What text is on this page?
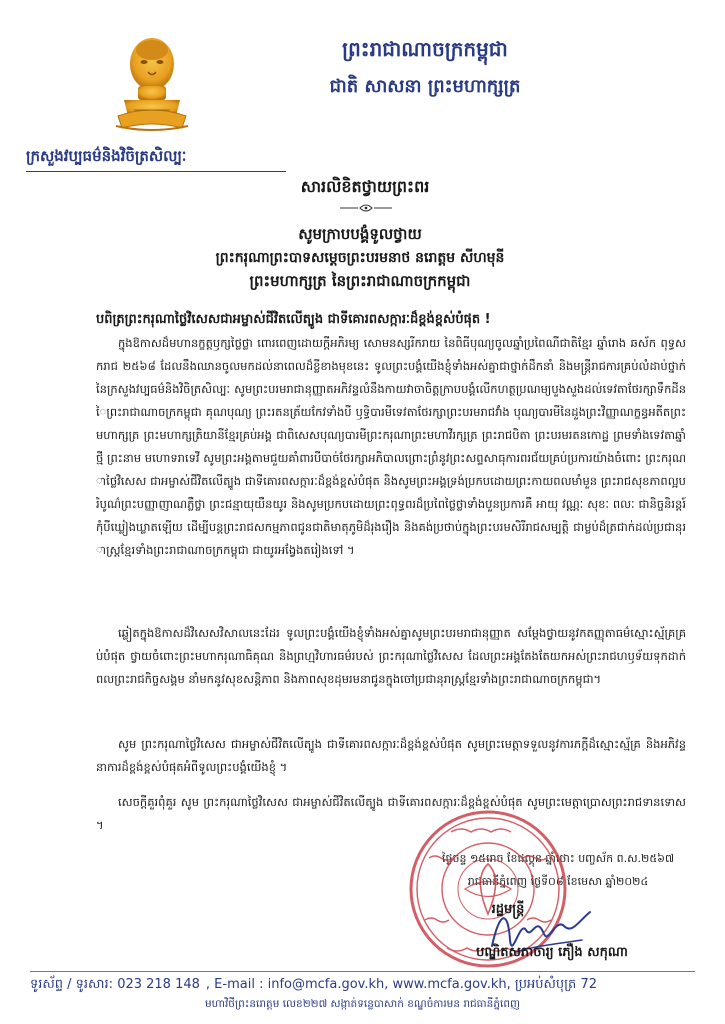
ក្រសួងវប្បធម៌និងវិចិត្រសិល្បៈ
ព្រះរាជាណាចក្រកម្ពុជា
ជាតិ សាសនា ព្រះមហាក្សត្រ
សារលិខិតថ្វាយព្រះពរ
សូមក្រាបបង្គំទូលថ្វាយ
ព្រះករុណាព្រះបាទសម្ដេចព្រះបរមនាថ នរោត្តម សីហមុនី
ព្រះមហាក្សត្រ នៃព្រះរាជាណាចក្រកម្ពុជា
បពិត្រព្រះករុណាថ្លៃវិសេសជាអម្ចាស់ជីវិតលើត្បូង ជាទីគោរពសក្ការៈដ៏ខ្ពង់ខ្ពស់បំផុត !
ក្នុងឱកាសដ៏មហានក្ខត្តឫក្សថ្លៃថ្លា ពោរពេញដោយក្តីអភិរម្យ សោមនស្សរីករាយ នៃពិធីបុណ្យចូលឆ្នាំប្រពៃណីជាតិខ្មែរ ឆ្នាំរោង ឆស័ក ពុទ្ធសករាជ ២៥៦៨ ដែលនឹងឈានចូលមកដល់នាពេលដ៏ខ្លីខាងមុខនេះ ទូលព្រះបង្គំយើងខ្ញុំទាំងអស់គ្នាជាថ្នាក់ដឹកនាំ និងមន្ត្រីរាជការគ្រប់លំដាប់ថ្នាក់ នៃក្រសួងវប្បធម៌និងវិចិត្រសិល្បៈ សូមព្រះបរមរាជានុញ្ញាតអភិវន្ទលំនឹងកាយវាចាចិត្តក្រាបបង្គំលើកហត្ថប្រណម្យបួងសួងដល់ទេវតាថែរក្សាទឹកដីនៃព្រះរាជាណាចក្រកម្ពុជា គុណបុណ្យ ព្រះរតនត្រ័យកែវទាំងបី ឫទ្ធិបារមីទេវតាថែរក្សាព្រះបរមរាជវាំង បុណ្យបារមីនៃដួងព្រះវិញ្ញាណក្ខន្ធអតីតព្រះមហាក្សត្រ ព្រះមហាក្សត្រិយានីខ្មែរគ្រប់អង្គ ជាពិសេសបុណ្យបារមីព្រះករុណាព្រះមហាវីរក្សត្រ ព្រះរាជបិតា ព្រះបរមរតនកោដ្ឋ ព្រមទាំងទេវតាឆ្នាំថ្មី ព្រះនាម មហោទរាទេវី សូមព្រះអង្គតាមជួយគាំពារបីបាច់ថែរក្សាអភិបាលព្រោះព្រំនូវព្រះសព្ទសាធុការពរជ័យគ្រប់ប្រការយ៉ាងចំពោះ ព្រះករុណាថ្លៃវិសេស ជាអម្ចាស់ជីវិតលើត្បូង ជាទីគោរពសក្ការៈដ៏ខ្ពង់ខ្ពស់បំផុត និងសូមព្រះអង្គទ្រង់ប្រកបដោយព្រះកាយពលមាំមួន ព្រះរាជសុខភាពល្អបរិបូណ៌ព្រះបញ្ញាញាណភ្លឺថ្លា ព្រះជន្មាយុយឺនយូរ និងសូមប្រកបដោយព្រះពុទ្ធពរដ៏ប្រពៃថ្លៃថ្លាទាំងបួនប្រការគឺ អាយុ វណ្ណៈ សុខៈ ពលៈ ជានិច្ចនិរន្តរ៍កុំបីឃ្លៀងឃ្លាតឡើយ ដើម្បីបន្តព្រះរាជសកម្មភាពជូនជាតិមាតុភូមិដ៏រុងរឿង និងគង់ប្រថាប់ក្នុងព្រះបរមសិរីរាជសម្បត្តិ ជាម្លប់ដ៏ត្រជាក់ដល់ប្រជានុរាស្ត្រខ្មែរទាំងព្រះរាជាណាចក្រកម្ពុជា ជាយូរអង្វែងតរៀងទៅ ។
ឆ្លៀតក្នុងឱកាសដ៏វិសេសវិសាលនេះដែរ ទូលព្រះបង្គំយើងខ្ញុំទាំងអស់គ្នាសូមព្រះបរមរាជានុញ្ញាត សម្ដែងថ្វាយនូវកតញ្ញុតាធម៌ស្មោះស្ម័គ្រគ្រប់បំផុត ថ្វាយចំពោះព្រះមហាករុណាធិគុណ និងព្រហ្មវិហារធម៌របស់ ព្រះករុណាថ្លៃវិសេស ដែលព្រះអង្គតែងតែយកអស់ព្រះរាជហឫទ័យទុកដាក់ពលព្រះរាជកិច្ចសង្គម នាំមកនូវសុខសន្តិភាព និងភាពសុខដុមរមនាជូនក្នុងចៅប្រជានុរាស្ត្រខ្មែរទាំងព្រះរាជាណាចក្រកម្ពុជា។
សូម ព្រះករុណាថ្លៃវិសេស ជាអម្ចាស់ជីវិតលើត្បូង ជាទីគោរពសក្ការៈដ៏ខ្ពង់ខ្ពស់បំផុត សូមព្រះមេត្តាទទួលនូវការភក្តីដ៏ស្មោះស្ម័គ្រ និងអភិវន្ទនាការដ៏ខ្ពង់ខ្ពស់បំផុតអំពីទូលព្រះបង្គំយើងខ្ញុំ ។
សេចក្តីគួរពុំគួរ សូម ព្រះករុណាថ្លៃវិសេស ជាអម្ចាស់ជីវិតលើត្បូង ជាទីគោរពសក្ការៈដ៏ខ្ពង់ខ្ពស់បំផុត សូមព្រះមេត្តាប្រោសព្រះរាជទានទោស ។
ថ្ងៃចន្ទ ១៥រោច ខែផល្គុន ឆ្នាំថោះ បញ្ចស័ក ព.ស.២៥៦៧
រាជធានីភ្នំពេញ ថ្ងៃទី០៨ ខែមេសា ឆ្នាំ២០២៤
រដ្ឋមន្ត្រី
បណ្ឌិតសភាចារ្យ ភឿង សកុណា
ទូរស័ព្ទ / ទូរសារ: 023 218 148 , E-mail : info@mcfa.gov.kh, www.mcfa.gov.kh, ប្រអប់សំបុត្រ 72
មហាវិថីព្រះនរោត្តម លេខ២២៧ សង្កាត់ទន្លេបាសាក់ ខណ្ឌចំការមន រាជធានីភ្នំពេញ
